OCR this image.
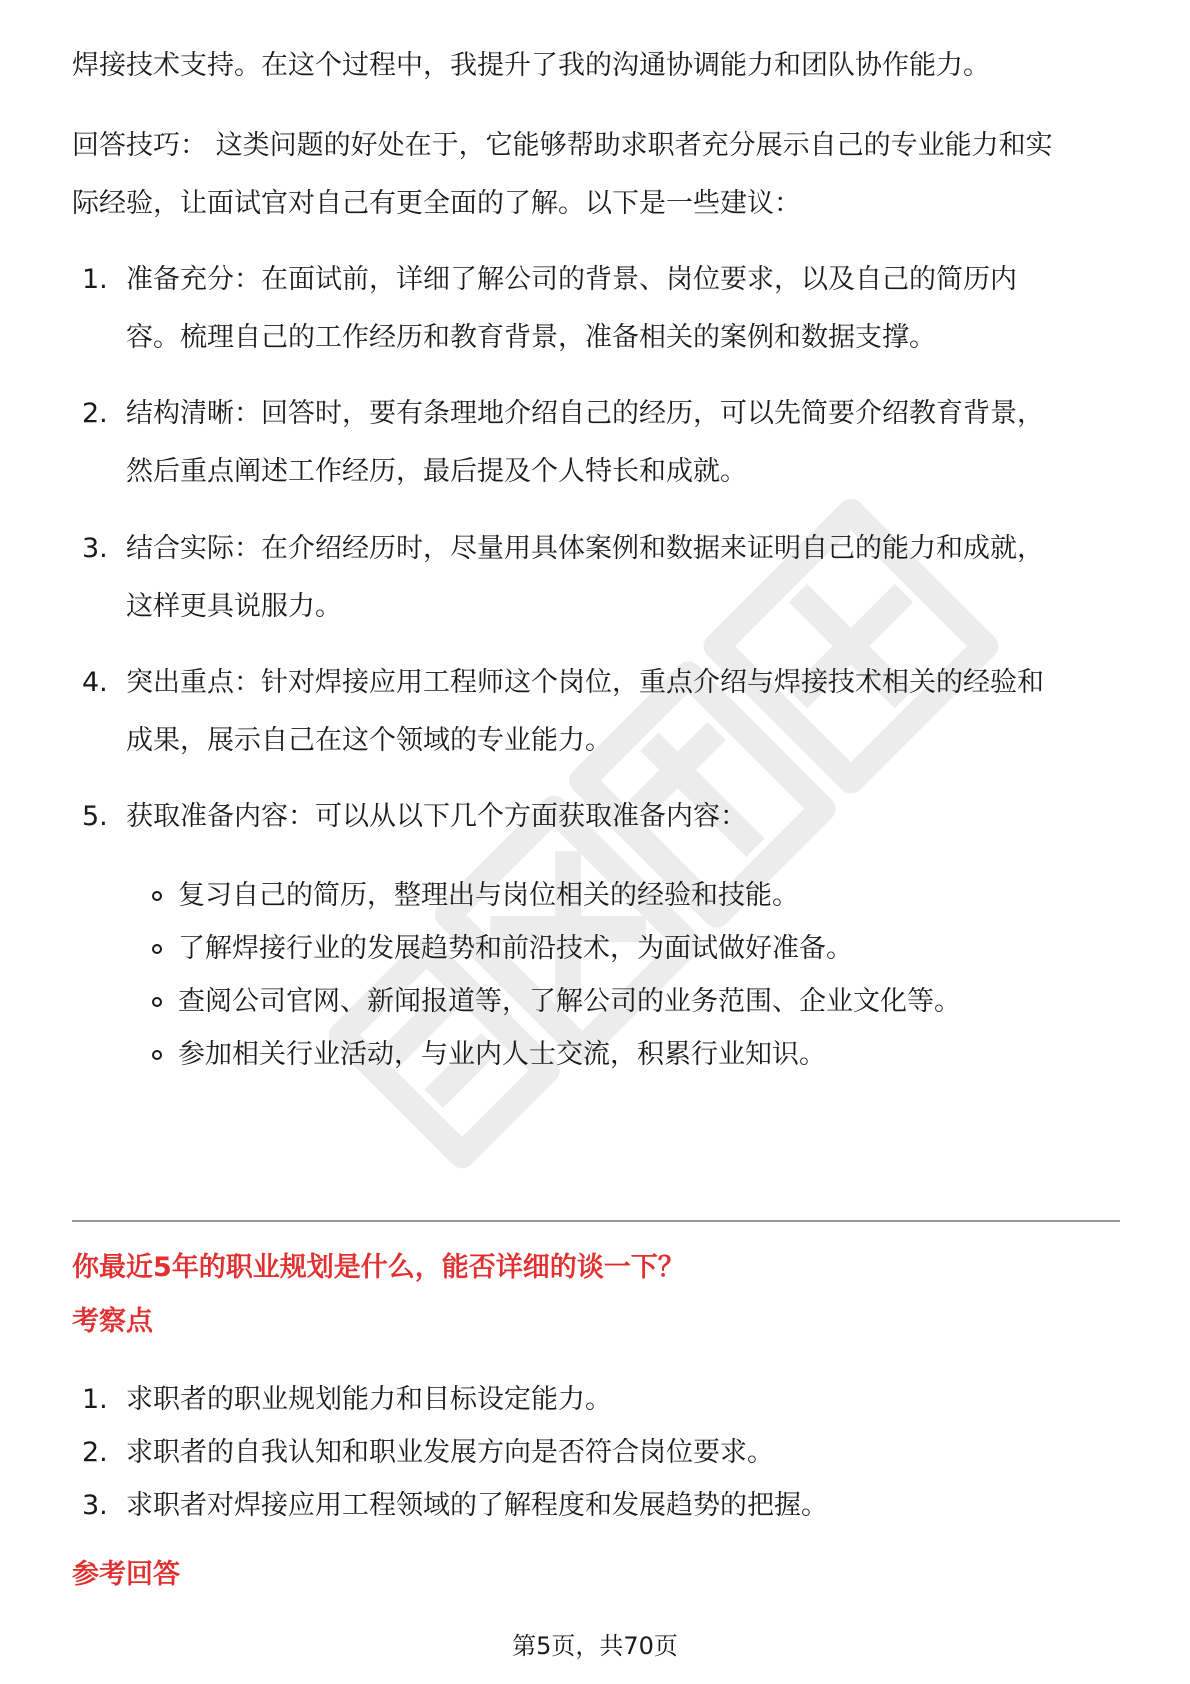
焊接技术支持。在这个过程中，我提升了我的沟通协调能力和团队协作能力。
回答技巧： 这类问题的好处在于，它能够帮助求职者充分展示自己的专业能力和实
际经验，让面试官对自己有更全面的了解。以下是一些建议：
1. 准备充分：在面试前，详细了解公司的背景、岗位要求，以及自己的简历内
容。梳理自己的工作经历和教育背景，准备相关的案例和数据支撑。
2. 结构清晰：回答时，要有条理地介绍自己的经历，可以先简要介绍教育背景，
然后重点阐述工作经历，最后提及个人特长和成就。
3. 结合实际：在介绍经历时，尽量用具体案例和数据来证明自己的能力和成就，
这样更具说服力。
4. 突出重点：针对焊接应用工程师这个岗位，重点介绍与焊接技术相关的经验和
成果，展示自己在这个领域的专业能力。
5. 获取准备内容：可以从以下几个方面获取准备内容：
复习自己的简历，整理出与岗位相关的经验和技能。
了解焊接行业的发展趋势和前沿技术，为面试做好准备。
查阅公司官网、新闻报道等，了解公司的业务范围、企业文化等。
参加相关行业活动，与业内人士交流，积累行业知识。
你最近5年的职业规划是什么，能否详细的谈一下？
考察点
1. 求职者的职业规划能力和目标设定能力。
2. 求职者的自我认知和职业发展方向是否符合岗位要求。
3. 求职者对焊接应用工程领域的了解程度和发展趋势的把握。
参考回答
第5页，共70页
